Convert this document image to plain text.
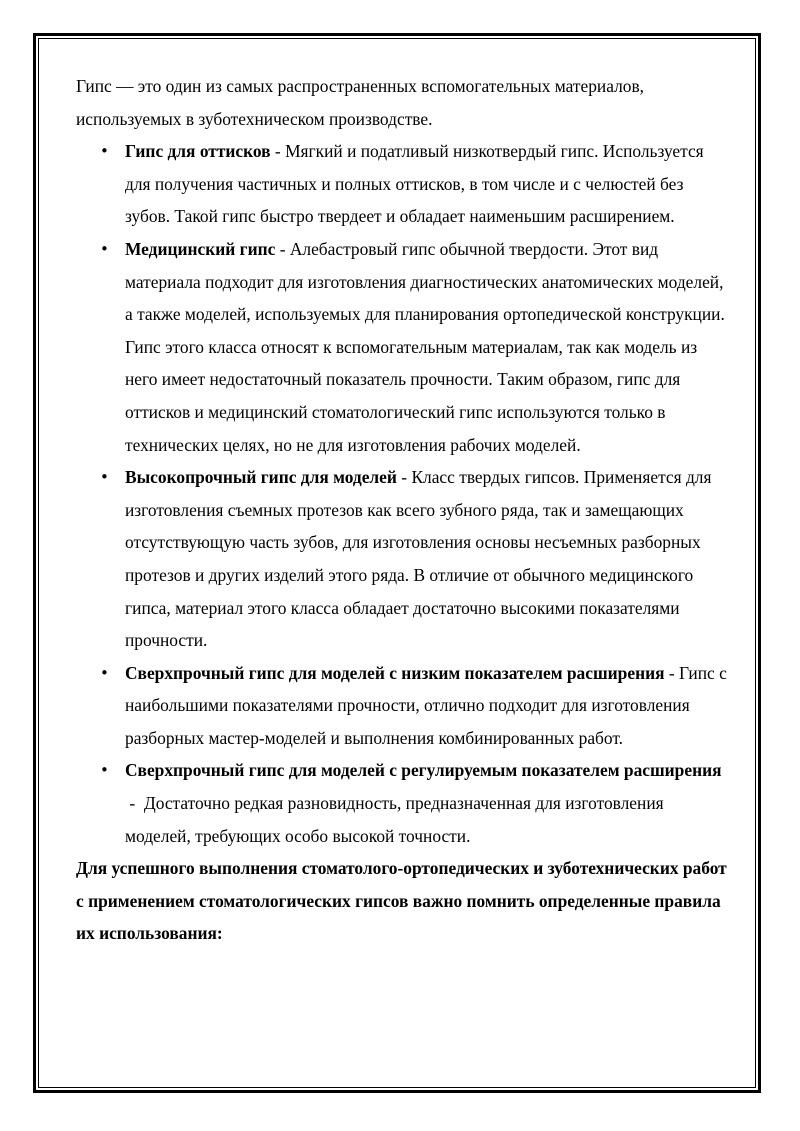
Гипс — это один из самых распространенных вспомогательных материалов, используемых в зуботехническом производстве.

• Гипс для оттисков - Мягкий и податливый низкотвердый гипс. Используется для получения частичных и полных оттисков, в том числе и с челюстей без зубов. Такой гипс быстро твердеет и обладает наименьшим расширением.
• Медицинский гипс - Алебастровый гипс обычной твердости. Этот вид материала подходит для изготовления диагностических анатомических моделей, а также моделей, используемых для планирования ортопедической конструкции. Гипс этого класса относят к вспомогательным материалам, так как модель из него имеет недостаточный показатель прочности. Таким образом, гипс для оттисков и медицинский стоматологический гипс используются только в технических целях, но не для изготовления рабочих моделей.
• Высокопрочный гипс для моделей - Класс твердых гипсов. Применяется для изготовления съемных протезов как всего зубного ряда, так и замещающих отсутствующую часть зубов, для изготовления основы несъемных разборных протезов и других изделий этого ряда. В отличие от обычного медицинского гипса, материал этого класса обладает достаточно высокими показателями прочности.
• Сверхпрочный гипс для моделей с низким показателем расширения - Гипс с наибольшими показателями прочности, отлично подходит для изготовления разборных мастер-моделей и выполнения комбинированных работ.
• Сверхпрочный гипс для моделей с регулируемым показателем расширения -  Достаточно редкая разновидность, предназначенная для изготовления моделей, требующих особо высокой точности.

Для успешного выполнения стоматолого-ортопедических и зуботехнических работ с применением стоматологических гипсов важно помнить определенные правила их использования:
